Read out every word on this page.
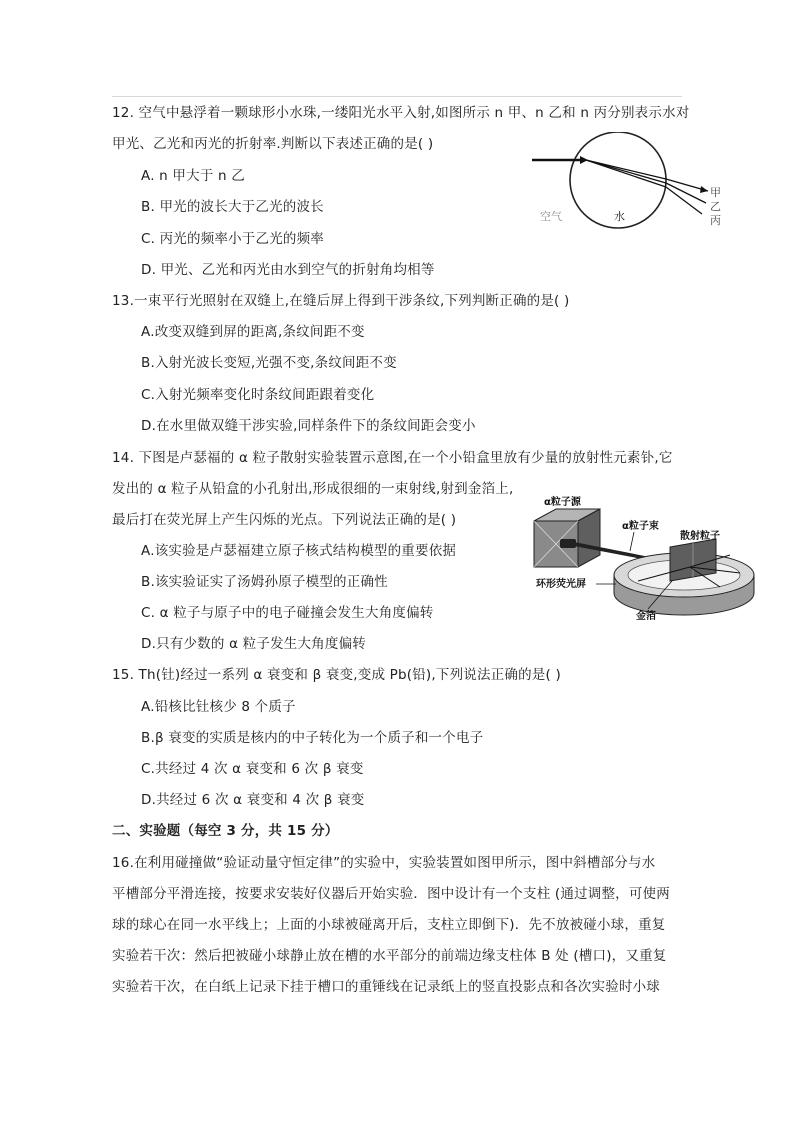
12. 空气中悬浮着一颗球形小水珠,一缕阳光水平入射,如图所示 n 甲、n 乙和 n 丙分别表示水对
甲光、乙光和丙光的折射率.判断以下表述正确的是( )
A. n 甲大于 n 乙
B. 甲光的波长大于乙光的波长
C. 丙光的频率小于乙光的频率
D. 甲光、乙光和丙光由水到空气的折射角均相等
甲
乙
丙
空气	水
13.一束平行光照射在双缝上,在缝后屏上得到干涉条纹,下列判断正确的是( )
A.改变双缝到屏的距离,条纹间距不变
B.入射光波长变短,光强不变,条纹间距不变
C.入射光频率变化时条纹间距跟着变化
D.在水里做双缝干涉实验,同样条件下的条纹间距会变小
14. 下图是卢瑟福的 α 粒子散射实验装置示意图,在一个小铅盒里放有少量的放射性元素钋,它
发出的 α 粒子从铅盒的小孔射出,形成很细的一束射线,射到金箔上,
最后打在荧光屏上产生闪烁的光点。下列说法正确的是( )
A.该实验是卢瑟福建立原子核式结构模型的重要依据
B.该实验证实了汤姆孙原子模型的正确性
C. α 粒子与原子中的电子碰撞会发生大角度偏转
D.只有少数的 α 粒子发生大角度偏转
α粒子源
α粒子束
散射粒子
环形荧光屏
金箔
15. Th(钍)经过一系列 α 衰变和 β 衰变,变成 Pb(铅),下列说法正确的是( )
A.铅核比钍核少 8 个质子
B.β 衰变的实质是核内的中子转化为一个质子和一个电子
C.共经过 4 次 α 衰变和 6 次 β 衰变
D.共经过 6 次 α 衰变和 4 次 β 衰变
二、实验题（每空 3 分，共 15 分）
16.在利用碰撞做“验证动量守恒定律”的实验中，实验装置如图甲所示，图中斜槽部分与水
平槽部分平滑连接，按要求安装好仪器后开始实验．图中设计有一个支柱 (通过调整，可使两
球的球心在同一水平线上；上面的小球被碰离开后，支柱立即倒下)．先不放被碰小球，重复
实验若干次：然后把被碰小球静止放在槽的水平部分的前端边缘支柱体 B 处 (槽口)，又重复
实验若干次，在白纸上记录下挂于槽口的重锤线在记录纸上的竖直投影点和各次实验时小球
